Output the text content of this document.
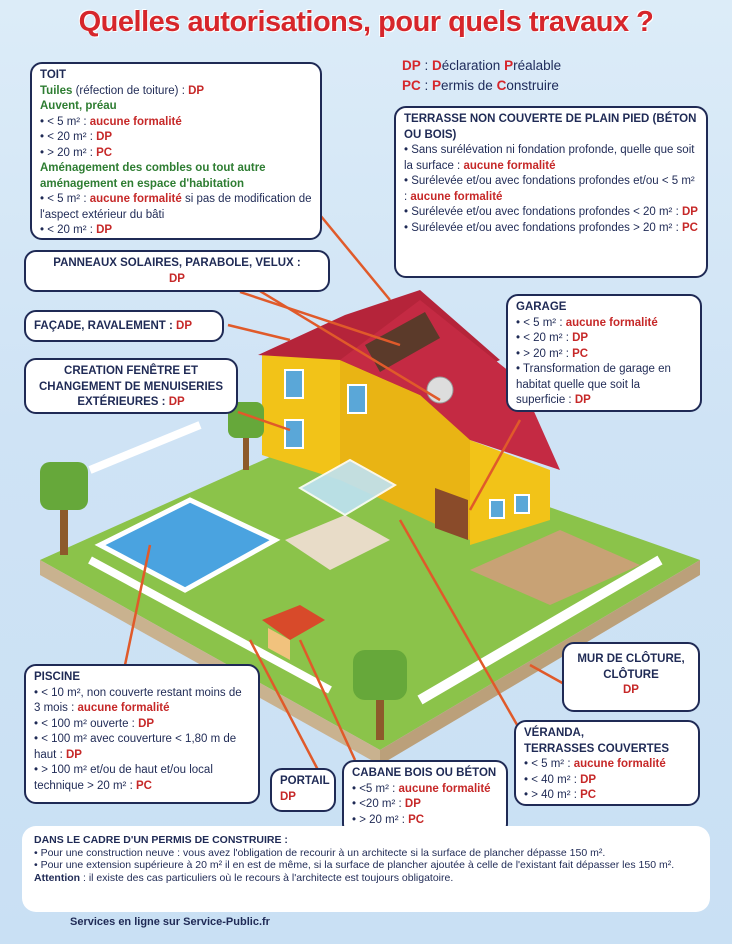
Quelles autorisations, pour quels travaux ?
DP : Déclaration Préalable
PC : Permis de Construire
TOIT
Tuiles (réfection de toiture) : DP
Auvent, préau
• < 5 m² : aucune formalité
• < 20 m² : DP
• > 20 m² : PC
Aménagement des combles ou tout autre aménagement en espace d'habitation
• < 5 m² : aucune formalité si pas de modification de l'aspect extérieur du bâti
• < 20 m² : DP
TERRASSE NON COUVERTE DE PLAIN PIED (BÉTON OU BOIS)
• Sans surélévation ni fondation profonde, quelle que soit la surface : aucune formalité
• Surélevée et/ou avec fondations profondes et/ou < 5 m² : aucune formalité
• Surélevée et/ou avec fondations profondes < 20 m² : DP
• Surélevée et/ou avec fondations profondes > 20 m² : PC
PANNEAUX SOLAIRES, PARABOLE, VELUX :
DP
FAÇADE, RAVALEMENT : DP
CREATION FENÊTRE ET
CHANGEMENT DE MENUISERIES
EXTÉRIEURES : DP
GARAGE
• < 5 m² : aucune formalité
• < 20 m² : DP
• > 20 m² : PC
• Transformation de garage en habitat quelle que soit la superficie : DP
MUR DE CLÔTURE,
CLÔTURE
DP
PISCINE
• < 10 m², non couverte restant moins de 3 mois : aucune formalité
• < 100 m² ouverte : DP
• < 100 m² avec couverture < 1,80 m de haut : DP
• > 100 m² et/ou de haut et/ou local technique > 20 m² : PC	PORTAIL
DP
CABANE BOIS OU BÉTON
• <5 m² : aucune formalité
• <20 m² : DP
• > 20 m² : PC
VÉRANDA,
TERRASSES COUVERTES
• < 5 m² : aucune formalité
• < 40 m² : DP
• > 40 m² : PC
DANS LE CADRE D'UN PERMIS DE CONSTRUIRE :
• Pour une construction neuve : vous avez l'obligation de recourir à un architecte si la surface de plancher dépasse 150 m².
• Pour une extension supérieure à 20 m² il en est de même, si la surface de plancher ajoutée à celle de l'existant fait dépasser les 150 m².
Attention : il existe des cas particuliers où le recours à l'architecte est toujours obligatoire.
Services en ligne sur Service-Public.fr
